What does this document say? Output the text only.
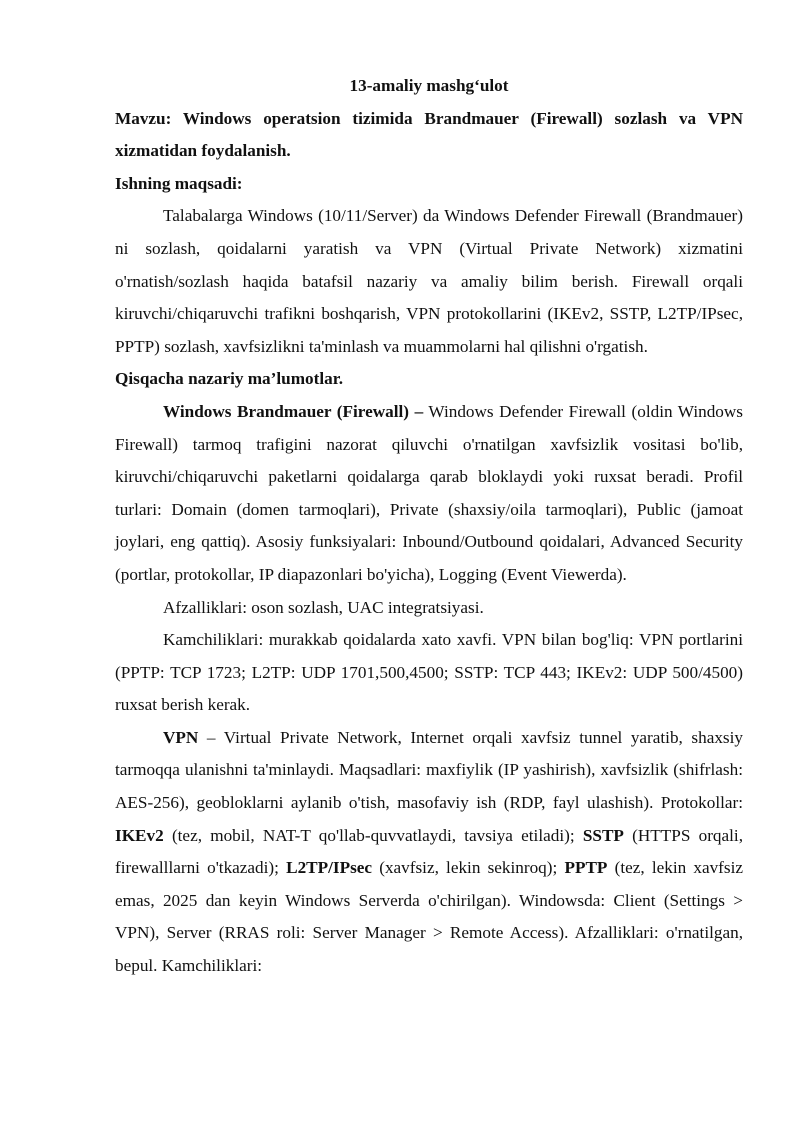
13-amaliy mashg‘ulot

Mavzu: Windows operatsion tizimida Brandmauer (Firewall) sozlash va VPN xizmatidan foydalanish.

Ishning maqsadi:

Talabalarga Windows (10/11/Server) da Windows Defender Firewall (Brandmauer) ni sozlash, qoidalarni yaratish va VPN (Virtual Private Network) xizmatini o'rnatish/sozlash haqida batafsil nazariy va amaliy bilim berish. Firewall orqali kiruvchi/chiqaruvchi trafikni boshqarish, VPN protokollarini (IKEv2, SSTP, L2TP/IPsec, PPTP) sozlash, xavfsizlikni ta'minlash va muammolarni hal qilishni o'rgatish.

Qisqacha nazariy ma’lumotlar.

Windows Brandmauer (Firewall) – Windows Defender Firewall (oldin Windows Firewall) tarmoq trafigini nazorat qiluvchi o'rnatilgan xavfsizlik vositasi bo'lib, kiruvchi/chiqaruvchi paketlarni qoidalarga qarab bloklaydi yoki ruxsat beradi. Profil turlari: Domain (domen tarmoqlari), Private (shaxsiy/oila tarmoqlari), Public (jamoat joylari, eng qattiq). Asosiy funksiyalari: Inbound/Outbound qoidalari, Advanced Security (portlar, protokollar, IP diapazonlari bo'yicha), Logging (Event Viewerda).

Afzalliklari: oson sozlash, UAC integratsiyasi.

Kamchiliklari: murakkab qoidalarda xato xavfi. VPN bilan bog'liq: VPN portlarini (PPTP: TCP 1723; L2TP: UDP 1701,500,4500; SSTP: TCP 443; IKEv2: UDP 500/4500) ruxsat berish kerak.

VPN – Virtual Private Network, Internet orqali xavfsiz tunnel yaratib, shaxsiy tarmoqqa ulanishni ta'minlaydi. Maqsadlari: maxfiylik (IP yashirish), xavfsizlik (shifrlash: AES-256), geobloklarni aylanib o'tish, masofaviy ish (RDP, fayl ulashish). Protokollar: IKEv2 (tez, mobil, NAT-T qo'llab-quvvatlaydi, tavsiya etiladi); SSTP (HTTPS orqali, firewalllarni o'tkazadi); L2TP/IPsec (xavfsiz, lekin sekinroq); PPTP (tez, lekin xavfsiz emas, 2025 dan keyin Windows Serverda o'chirilgan). Windowsda: Client (Settings > VPN), Server (RRAS roli: Server Manager > Remote Access). Afzalliklari: o'rnatilgan, bepul. Kamchiliklari:
